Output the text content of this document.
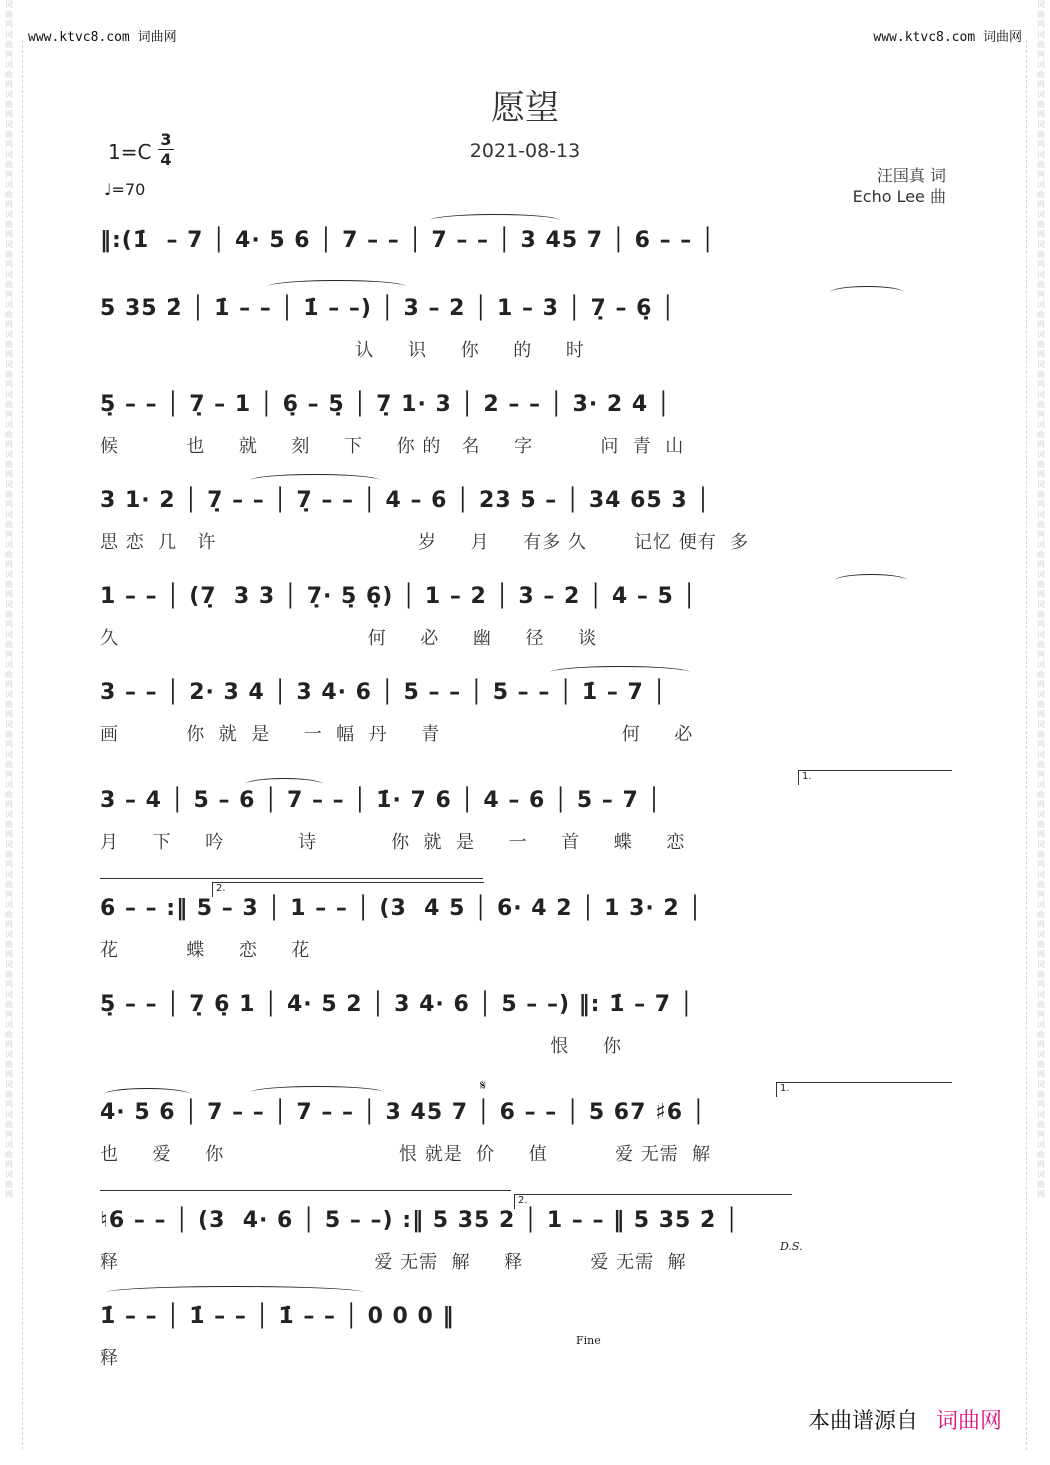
词曲网词曲网词曲网词曲网词曲网词曲网词曲网词曲网词曲网词曲网词曲网词曲网词曲网词曲网词曲网词曲网词曲网词曲网词曲网词曲网词曲网词曲网词曲网词曲网词曲网词曲网词曲网词曲网词曲网词曲网词曲网词曲网词曲网词曲网词曲网词曲网词曲网词曲网词曲网词曲网
词曲网词曲网词曲网词曲网词曲网词曲网词曲网词曲网词曲网词曲网词曲网词曲网词曲网词曲网词曲网词曲网词曲网词曲网词曲网词曲网词曲网词曲网词曲网词曲网词曲网词曲网词曲网词曲网词曲网词曲网词曲网词曲网词曲网词曲网词曲网词曲网词曲网词曲网词曲网词曲网
www.ktvc8.com 词曲网	www.ktvc8.com 词曲网
愿望
2021-08-13
1=C
3
4
♩=70
汪国真 词
Echo Lee 曲
‖:(1̇  – 7 │ 4· 5 6 │ 7 – – │ 7 – – │ 3 45 7 │ 6 – – │
5 35 2̇ │ 1̇ – – │ 1̇ – –) │ 3 – 2 │ 1 – 3 │ 7̣ – 6̣ │
认     识     你     的     时
5̣ – – │ 7̣ – 1 │ 6̣ – 5̣ │ 7̣ 1· 3 │ 2 – – │ 3· 2 4 │
候          也     就     刻     下     你 的   名     字          问  青  山
3 1· 2 │ 7̣ – – │ 7̣ – – │ 4 – 6 │ 23 5 – │ 34 65 3 │
思 恋  几   许                              岁     月     有多 久       记忆 便有  多
1 – – │ (7̣  3 3 │ 7̣· 5̣ 6̣) │ 1 – 2 │ 3 – 2 │ 4 – 5 │
久                                     何     必     幽     径     谈
3 – – │ 2· 3 4 │ 3 4· 6 │ 5 – – │ 5 – – │ 1̇ – 7 │
画          你  就  是     一  幅  丹     青                           何     必
3 – 4 │ 5 – 6 │ 7 – – │ 1̇· 7 6 │ 4 – 6 │ 5 – 7 │
月     下     吟           诗           你  就  是     一     首     蝶     恋
1.
6 – – :‖ 5 – 3 │ 1 – – │ (3  4 5 │ 6· 4 2 │ 1 3· 2 │
花          蝶     恋     花
2.
5̣ – – │ 7̣ 6̣ 1 │ 4· 5 2 │ 3 4· 6 │ 5 – –) ‖: 1̇ – 7 │
恨     你
4· 5 6 │ 7 – – │ 7 – – │ 3 45 7 │ 6 – – │ 5 67 ♯6 │
也     爱     你                          恨 就是  价     值          爱 无需  解
𝄋	1.
♮6 – – │ (3  4· 6 │ 5 – –) :‖ 5 35 2 │ 1 – – ‖ 5 35 2̇ │
释                                      爱 无需  解     释          爱 无需  解
2.
D.S.
1̇ – – │ 1̇ – – │ 1̇ – – │ 0 0 0 ‖
释
Fine
本曲谱源自 词曲网
